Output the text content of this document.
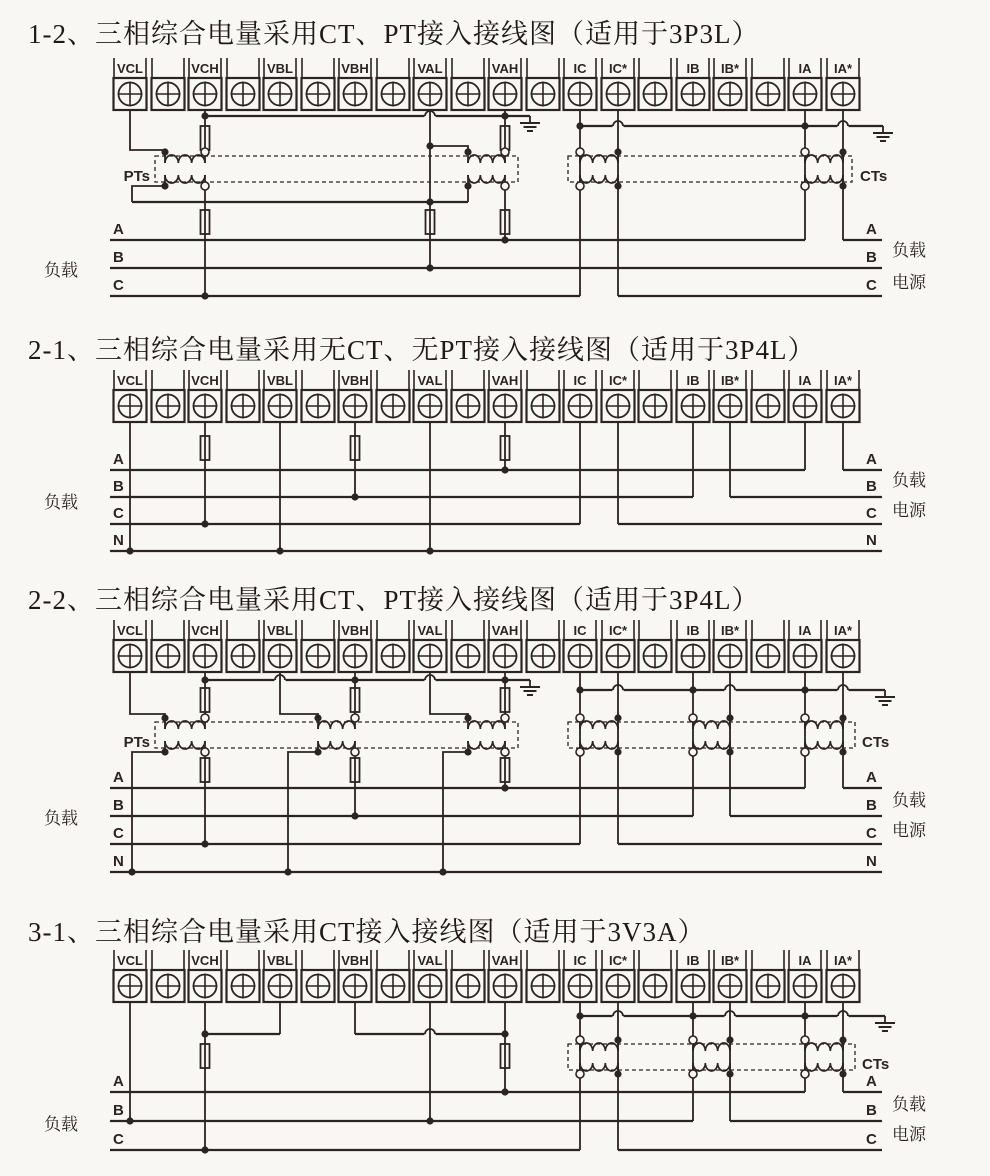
1-2、三相综合电量采用CT、PT接入接线图（适用于3P3L）
VCL	VCH	VBL	VBH	VAL	VAH	IC IC*	IB IB*	IA IA*
PTs	CTs
A
B
C
A
B
C
负载
负载
电源
2-1、三相综合电量采用无CT、无PT接入接线图（适用于3P4L）
VCL	VCH	VBL	VBH	VAL	VAH	IC IC*	IB IB*	IA IA*
A
B
C
N
A
B
C
N
负载
负载
电源
2-2、三相综合电量采用CT、PT接入接线图（适用于3P4L）
VCL	VCH	VBL	VBH	VAL	VAH	IC IC*	IB IB*	IA IA*
PTs	CTs
A
B
C
N
A
B
C
N
负载
负载
电源
3-1、三相综合电量采用CT接入接线图（适用于3V3A）
VCL	VCH	VBL	VBH	VAL	VAH	IC IC*	IB IB*	IA IA*
CTs
A
B
C
A
B
C
负载
负载
电源
